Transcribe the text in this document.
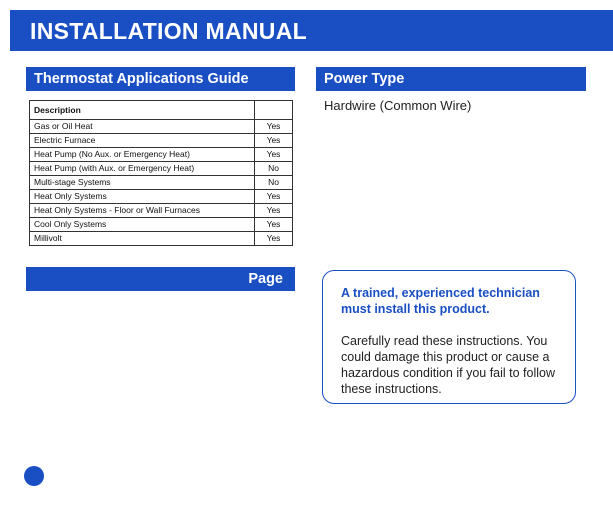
INSTALLATION MANUAL
Thermostat Applications Guide
Description	
Gas or Oil Heat	Yes
Electric Furnace	Yes
Heat Pump (No Aux. or Emergency Heat)	Yes
Heat Pump (with Aux. or Emergency Heat)	No
Multi-stage Systems	No
Heat Only Systems	Yes
Heat Only Systems - Floor or Wall Furnaces	Yes
Cool Only Systems	Yes
Millivolt	Yes
Power Type
Hardwire (Common Wire)
Page
A trained, experienced technician must install this product.
Carefully read these instructions. You could damage this product or cause a hazardous condition if you fail to follow these instructions.
